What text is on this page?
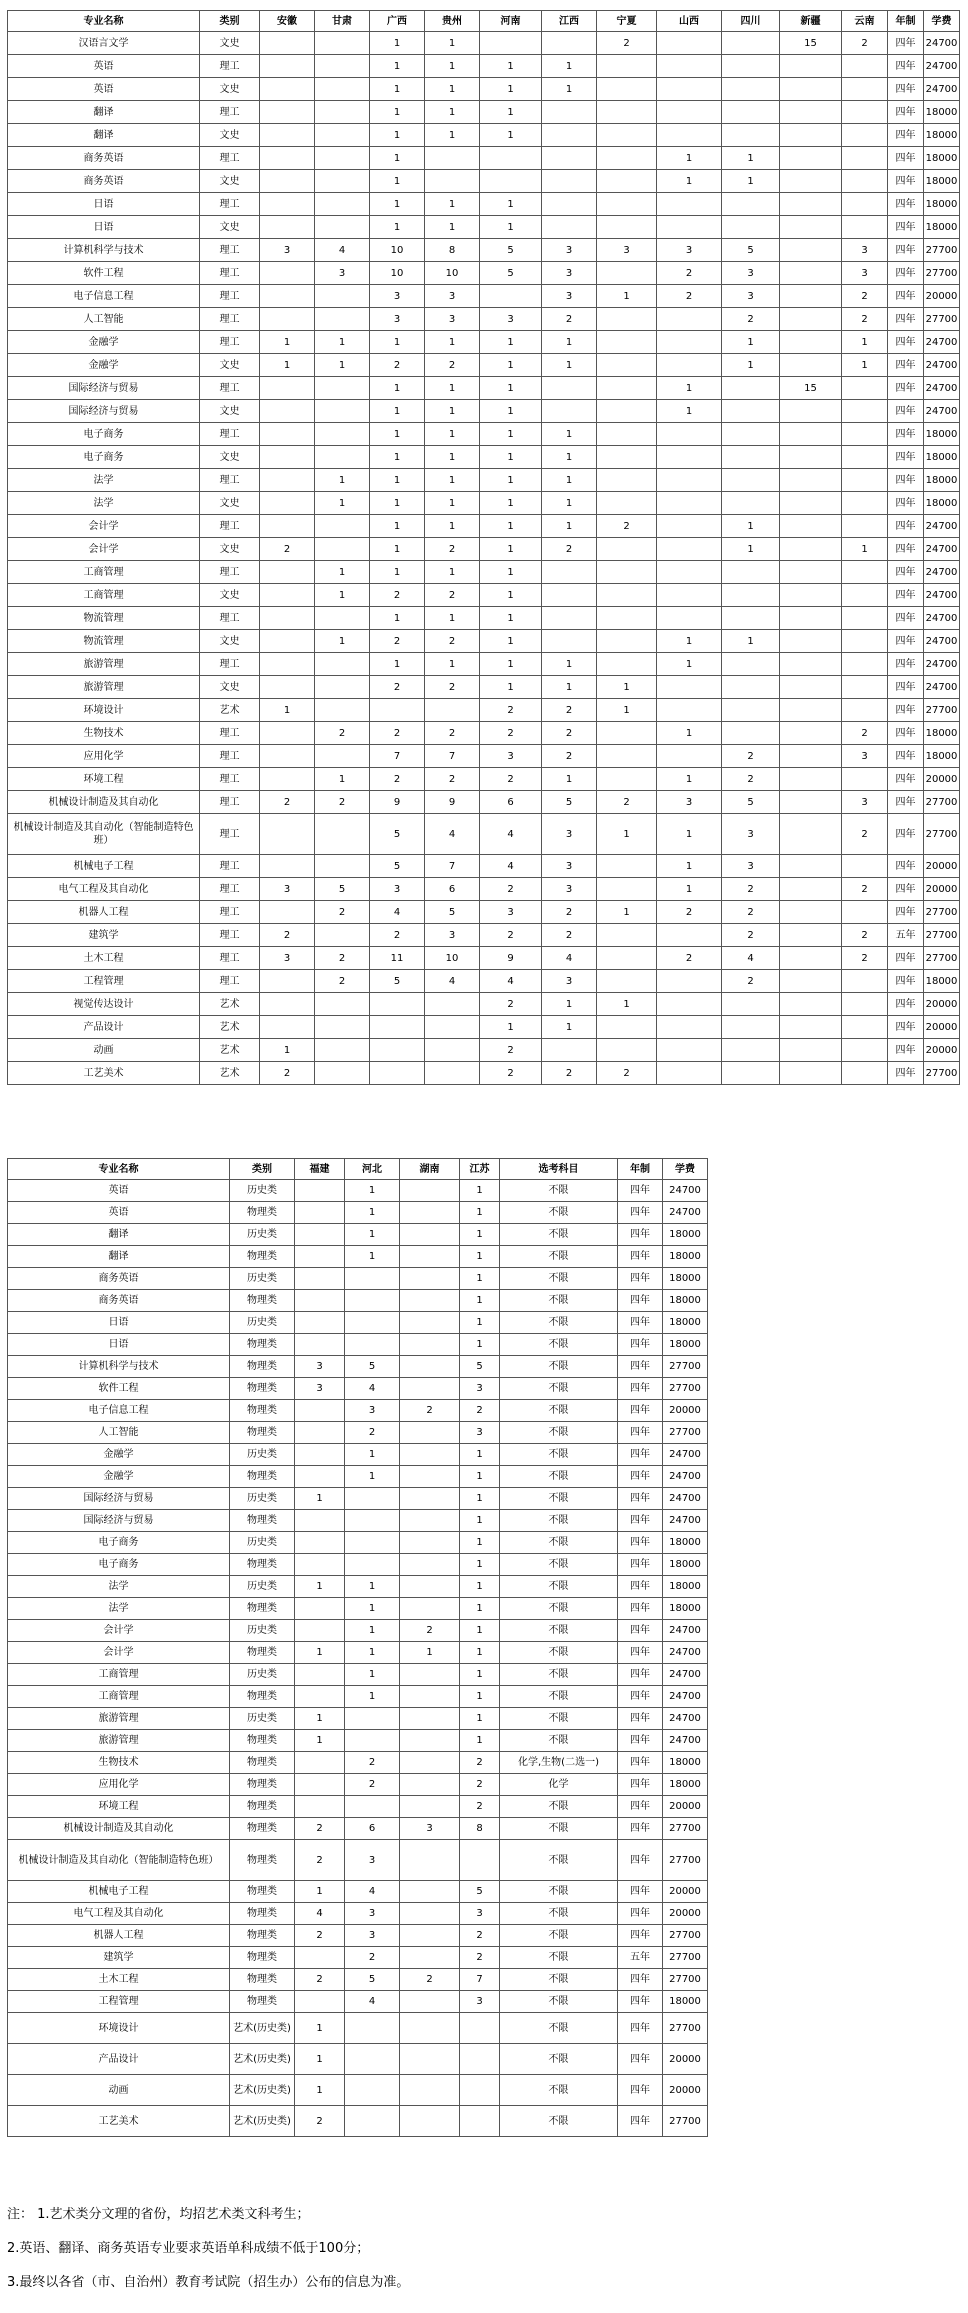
专业名称	类别	安徽	甘肃	广西	贵州	河南	江西	宁夏	山西	四川	新疆	云南	年制	学费
汉语言文学	文史			1	1			2			15	2	四年	24700
英语	理工			1	1	1	1						四年	24700
英语	文史			1	1	1	1						四年	24700
翻译	理工			1	1	1							四年	18000
翻译	文史			1	1	1							四年	18000
商务英语	理工			1					1	1			四年	18000
商务英语	文史			1					1	1			四年	18000
日语	理工			1	1	1							四年	18000
日语	文史			1	1	1							四年	18000
计算机科学与技术	理工	3	4	10	8	5	3	3	3	5		3	四年	27700
软件工程	理工		3	10	10	5	3		2	3		3	四年	27700
电子信息工程	理工			3	3		3	1	2	3		2	四年	20000
人工智能	理工			3	3	3	2			2		2	四年	27700
金融学	理工	1	1	1	1	1	1			1		1	四年	24700
金融学	文史	1	1	2	2	1	1			1		1	四年	24700
国际经济与贸易	理工			1	1	1			1		15		四年	24700
国际经济与贸易	文史			1	1	1			1				四年	24700
电子商务	理工			1	1	1	1						四年	18000
电子商务	文史			1	1	1	1						四年	18000
法学	理工		1	1	1	1	1						四年	18000
法学	文史		1	1	1	1	1						四年	18000
会计学	理工			1	1	1	1	2		1			四年	24700
会计学	文史	2		1	2	1	2			1		1	四年	24700
工商管理	理工		1	1	1	1							四年	24700
工商管理	文史		1	2	2	1							四年	24700
物流管理	理工			1	1	1							四年	24700
物流管理	文史		1	2	2	1			1	1			四年	24700
旅游管理	理工			1	1	1	1		1				四年	24700
旅游管理	文史			2	2	1	1	1					四年	24700
环境设计	艺术	1				2	2	1					四年	27700
生物技术	理工		2	2	2	2	2		1			2	四年	18000
应用化学	理工			7	7	3	2			2		3	四年	18000
环境工程	理工		1	2	2	2	1		1	2			四年	20000
机械设计制造及其自动化	理工	2	2	9	9	6	5	2	3	5		3	四年	27700
机械设计制造及其自动化（智能制造特色班）	理工			5	4	4	3	1	1	3		2	四年	27700
机械电子工程	理工			5	7	4	3		1	3			四年	20000
电气工程及其自动化	理工	3	5	3	6	2	3		1	2		2	四年	20000
机器人工程	理工		2	4	5	3	2	1	2	2			四年	27700
建筑学	理工	2		2	3	2	2			2		2	五年	27700
土木工程	理工	3	2	11	10	9	4		2	4		2	四年	27700
工程管理	理工		2	5	4	4	3			2			四年	18000
视觉传达设计	艺术					2	1	1					四年	20000
产品设计	艺术					1	1						四年	20000
动画	艺术	1				2							四年	20000
工艺美术	艺术	2				2	2	2					四年	27700
专业名称	类别	福建	河北	湖南	江苏	选考科目	年制	学费
英语	历史类		1		1	不限	四年	24700
英语	物理类		1		1	不限	四年	24700
翻译	历史类		1		1	不限	四年	18000
翻译	物理类		1		1	不限	四年	18000
商务英语	历史类				1	不限	四年	18000
商务英语	物理类				1	不限	四年	18000
日语	历史类				1	不限	四年	18000
日语	物理类				1	不限	四年	18000
计算机科学与技术	物理类	3	5		5	不限	四年	27700
软件工程	物理类	3	4		3	不限	四年	27700
电子信息工程	物理类		3	2	2	不限	四年	20000
人工智能	物理类		2		3	不限	四年	27700
金融学	历史类		1		1	不限	四年	24700
金融学	物理类		1		1	不限	四年	24700
国际经济与贸易	历史类	1			1	不限	四年	24700
国际经济与贸易	物理类				1	不限	四年	24700
电子商务	历史类				1	不限	四年	18000
电子商务	物理类				1	不限	四年	18000
法学	历史类	1	1		1	不限	四年	18000
法学	物理类		1		1	不限	四年	18000
会计学	历史类		1	2	1	不限	四年	24700
会计学	物理类	1	1	1	1	不限	四年	24700
工商管理	历史类		1		1	不限	四年	24700
工商管理	物理类		1		1	不限	四年	24700
旅游管理	历史类	1			1	不限	四年	24700
旅游管理	物理类	1			1	不限	四年	24700
生物技术	物理类		2		2	化学,生物(二选一)	四年	18000
应用化学	物理类		2		2	化学	四年	18000
环境工程	物理类				2	不限	四年	20000
机械设计制造及其自动化	物理类	2	6	3	8	不限	四年	27700
机械设计制造及其自动化（智能制造特色班）	物理类	2	3			不限	四年	27700
机械电子工程	物理类	1	4		5	不限	四年	20000
电气工程及其自动化	物理类	4	3		3	不限	四年	20000
机器人工程	物理类	2	3		2	不限	四年	27700
建筑学	物理类		2		2	不限	五年	27700
土木工程	物理类	2	5	2	7	不限	四年	27700
工程管理	物理类		4		3	不限	四年	18000
环境设计	艺术(历史类)	1				不限	四年	27700
产品设计	艺术(历史类)	1				不限	四年	20000
动画	艺术(历史类)	1				不限	四年	20000
工艺美术	艺术(历史类)	2				不限	四年	27700

注： 1.艺术类分文理的省份，均招艺术类文科考生；

2.英语、翻译、商务英语专业要求英语单科成绩不低于100分；

3.最终以各省（市、自治州）教育考试院（招生办）公布的信息为准。
